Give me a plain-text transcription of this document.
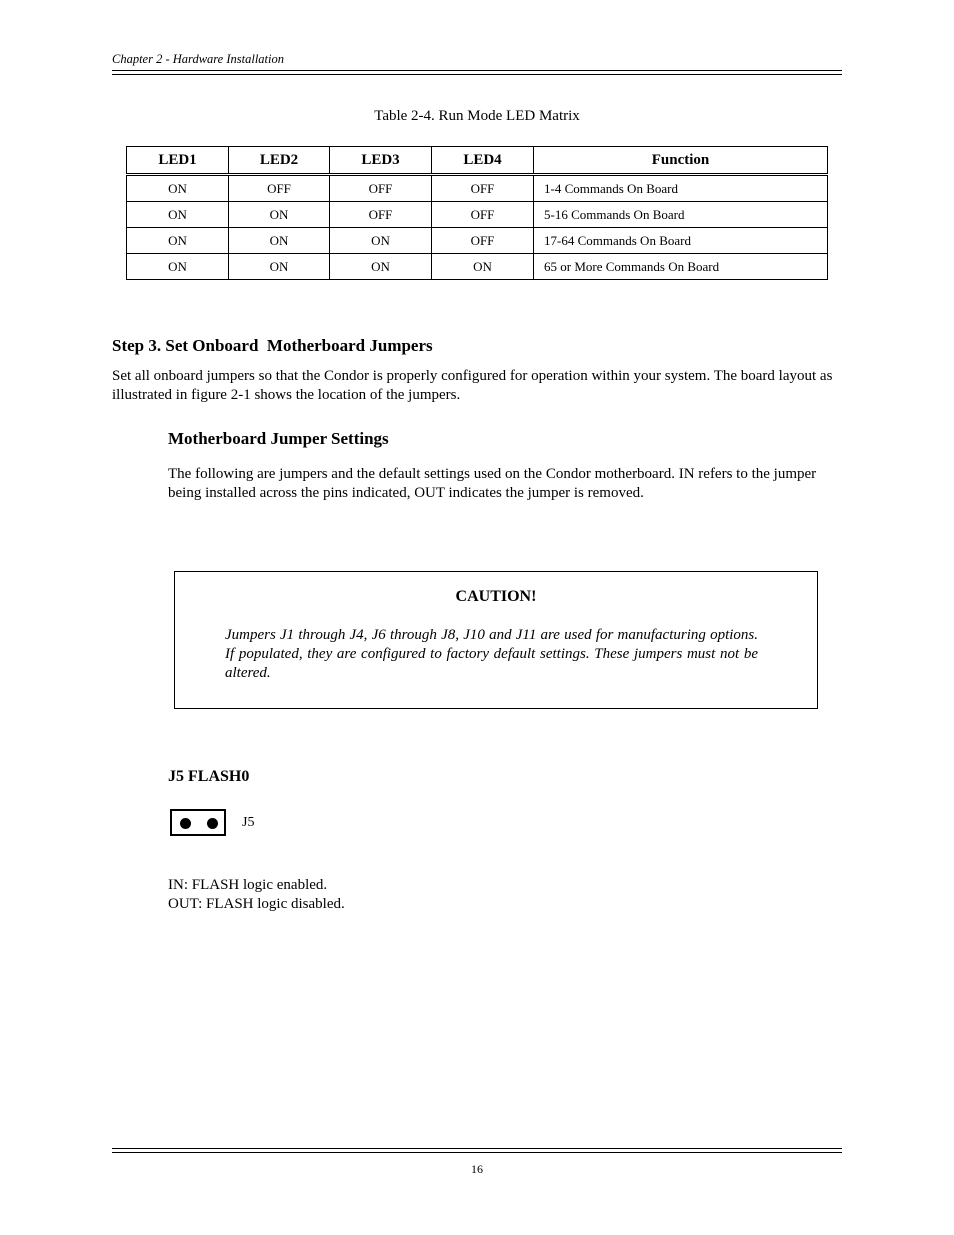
Chapter 2 - Hardware Installation
Table 2-4. Run Mode LED Matrix
LED1	LED2	LED3	LED4	Function
ON	OFF	OFF	OFF	1-4 Commands On Board
ON	ON	OFF	OFF	5-16 Commands On Board
ON	ON	ON	OFF	17-64 Commands On Board
ON	ON	ON	ON	65 or More Commands On Board
Step 3. Set Onboard  Motherboard Jumpers
Set all onboard jumpers so that the Condor is properly configured for operation within your system. The board layout as illustrated in figure 2-1 shows the location of the jumpers.
Motherboard Jumper Settings
The following are jumpers and the default settings used on the Condor motherboard. IN refers to the jumper being installed across the pins indicated, OUT indicates the jumper is removed.
CAUTION!
Jumpers J1 through J4, J6 through J8, J10 and J11 are used for manufacturing options. If populated, they are configured to factory default settings. These jumpers must not be altered.
J5 FLASH0
J5
IN: FLASH logic enabled.
OUT: FLASH logic disabled.
16
